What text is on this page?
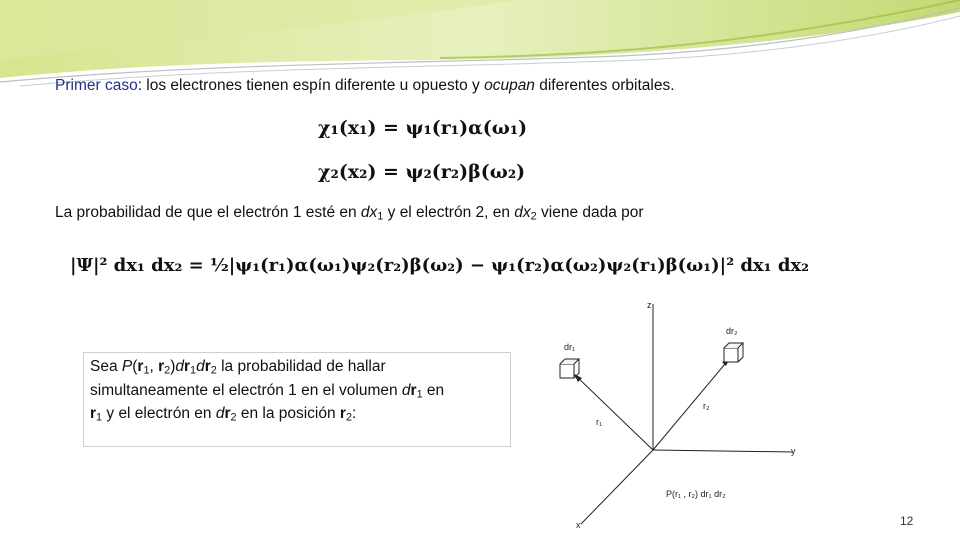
Primer caso: los electrones tienen espín diferente u opuesto y ocupan diferentes orbitales.
χ₁(x₁) = ψ₁(r₁)α(ω₁)
χ₂(x₂) = ψ₂(r₂)β(ω₂)
La probabilidad de que el electrón 1 esté en $dx_1$ y el electrón 2, en $dx_2$ viene dada por
|Ψ|² dx₁ dx₂ = ½|ψ₁(r₁)α(ω₁)ψ₂(r₂)β(ω₂) − ψ₁(r₂)α(ω₂)ψ₂(r₁)β(ω₁)|² dx₁ dx₂
Sea $P(r_1$, $r_2)dr_1dr_2$ la probabilidad de hallar
simultaneamente el electrón 1 en el volumen $dr_1$ en
$r_1$ y el electrón en $dr_2$ en la posición $r_2$:
z
y
x
dr₁
dr₂
r₁
r₂
P(r₁ , r₂) dr₁ dr₂
12
